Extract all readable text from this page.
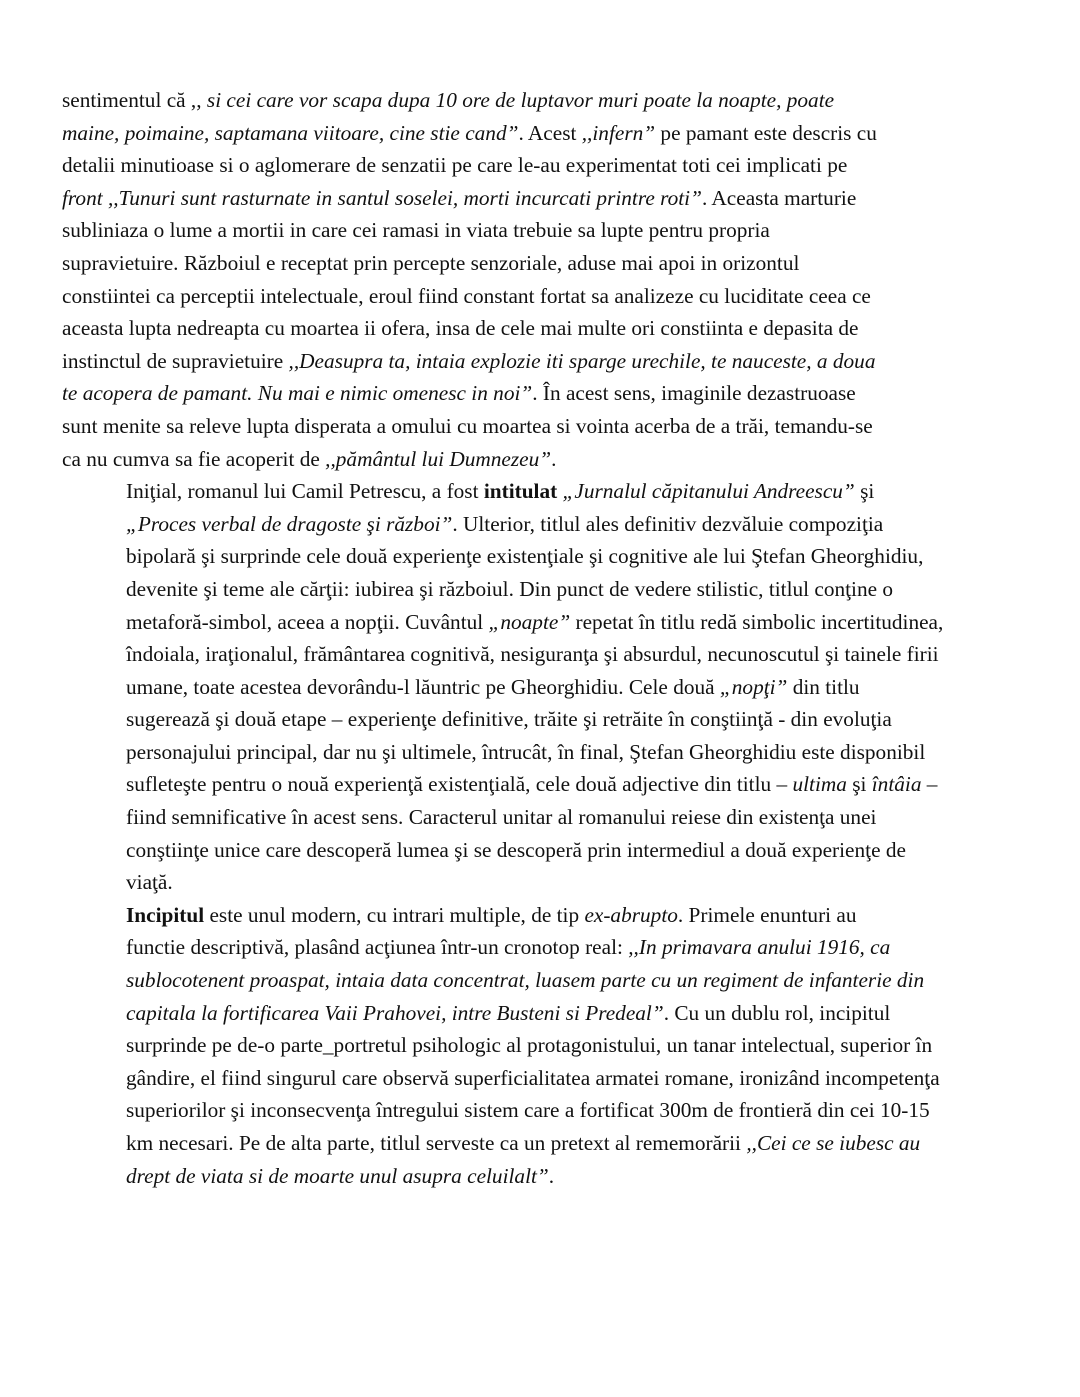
sentimentul că ,, si cei care vor scapa dupa 10 ore de luptavor muri poate la noapte, poate
maine, poimaine, saptamana viitoare, cine stie cand”. Acest ,,infern” pe pamant este descris cu
detalii minutioase si o aglomerare de senzatii pe care le-au experimentat toti cei implicati pe
front ,,Tunuri sunt rasturnate in santul soselei, morti incurcati printre roti”. Aceasta marturie
subliniaza o lume a mortii in care cei ramasi in viata trebuie sa lupte pentru propria
supravietuire. Războiul e receptat prin percepte senzoriale, aduse mai apoi in orizontul
constiintei ca perceptii intelectuale, eroul fiind constant fortat sa analizeze cu luciditate ceea ce
aceasta lupta nedreapta cu moartea ii ofera, insa de cele mai multe ori constiinta e depasita de
instinctul de supravietuire ,,Deasupra ta, intaia explozie iti sparge urechile, te nauceste, a doua
te acopera de pamant. Nu mai e nimic omenesc in noi”. În acest sens, imaginile dezastruoase
sunt menite sa releve lupta disperata a omului cu moartea si vointa acerba de a trăi, temandu-se
ca nu cumva sa fie acoperit de ,,pământul lui Dumnezeu”.
Iniţial, romanul lui Camil Petrescu, a fost intitulat „Jurnalul căpitanului Andreescu” şi
„Proces verbal de dragoste şi război”. Ulterior, titlul ales definitiv dezvăluie compoziţia
bipolară şi surprinde cele două experienţe existenţiale şi cognitive ale lui Ştefan Gheorghidiu,
devenite şi teme ale cărţii: iubirea şi războiul. Din punct de vedere stilistic, titlul conţine o
metaforă-simbol, aceea a nopţii. Cuvântul „noapte” repetat în titlu redă simbolic incertitudinea,
îndoiala, iraţionalul, frământarea cognitivă, nesiguranţa şi absurdul, necunoscutul şi tainele firii
umane, toate acestea devorându-l lăuntric pe Gheorghidiu. Cele două „nopţi” din titlu
sugerează şi două etape – experienţe definitive, trăite şi retrăite în conştiinţă - din evoluţia
personajului principal, dar nu şi ultimele, întrucât, în final, Ştefan Gheorghidiu este disponibil
sufleteşte pentru o nouă experienţă existenţială, cele două adjective din titlu – ultima şi întâia –
fiind semnificative în acest sens. Caracterul unitar al romanului reiese din existenţa unei
conştiinţe unice care descoperă lumea şi se descoperă prin intermediul a două experienţe de
viaţă.
Incipitul este unul modern, cu intrari multiple, de tip ex-abrupto. Primele enunturi au
functie descriptivă, plasând acţiunea într-un cronotop real: ,,In primavara anului 1916, ca
sublocotenent proaspat, intaia data concentrat, luasem parte cu un regiment de infanterie din
capitala la fortificarea Vaii Prahovei, intre Busteni si Predeal”. Cu un dublu rol, incipitul
surprinde pe de-o parte_portretul psihologic al protagonistului, un tanar intelectual, superior în
gândire, el fiind singurul care observă superficialitatea armatei romane, ironizând incompetenţa
superiorilor şi inconsecvenţa întregului sistem care a fortificat 300m de frontieră din cei 10-15
km necesari. Pe de alta parte, titlul serveste ca un pretext al rememorării ,,Cei ce se iubesc au
drept de viata si de moarte unul asupra celuilalt”.
